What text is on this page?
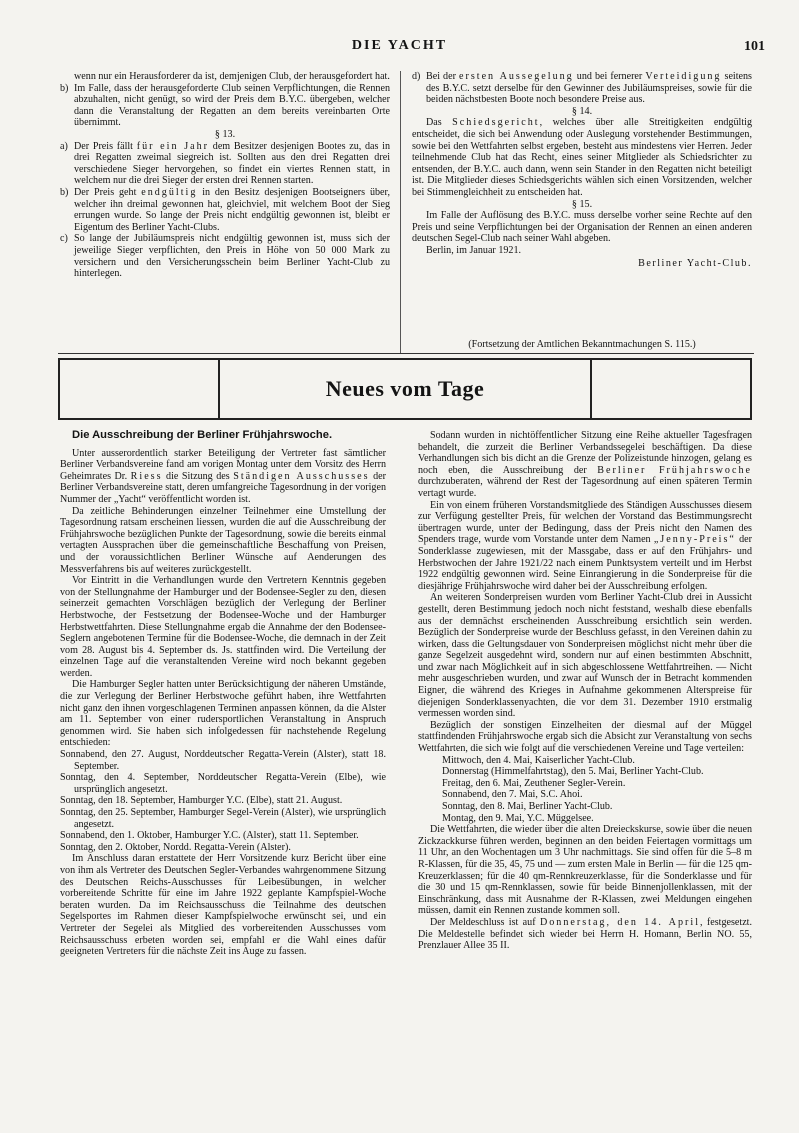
DIE YACHT	101

wenn nur ein Herausforderer da ist, demjenigen Club, der herausgefordert hat.

b) Im Falle, dass der herausgeforderte Club seinen Verpflichtungen, die Rennen abzuhalten, nicht genügt, so wird der Preis dem B.Y.C. übergeben, welcher dann die Veranstaltung der Regatten an dem bereits vereinbarten Orte übernimmt.

§ 13.

a) Der Preis fällt für ein Jahr dem Besitzer desjenigen Bootes zu, das in drei Regatten zweimal siegreich ist. Sollten aus den drei Regatten drei verschiedene Sieger hervorgehen, so findet ein viertes Rennen statt, in welchem nur die drei Sieger der ersten drei Rennen starten.

b) Der Preis geht endgültig in den Besitz desjenigen Bootseigners über, welcher ihn dreimal gewonnen hat, gleichviel, mit welchem Boot der Sieg errungen wurde. So lange der Preis nicht endgültig gewonnen ist, bleibt er Eigentum des Berliner Yacht-Clubs.

c) So lange der Jubiläumspreis nicht endgültig gewonnen ist, muss sich der jeweilige Sieger verpflichten, den Preis in Höhe von 50 000 Mark zu versichern und den Versicherungsschein beim Berliner Yacht-Club zu hinterlegen.

d) Bei der ersten Aussegelung und bei fernerer Verteidigung seitens des B.Y.C. setzt derselbe für den Gewinner des Jubiläumspreises, sowie für die beiden nächstbesten Boote noch besondere Preise aus.

§ 14.

Das Schiedsgericht, welches über alle Streitigkeiten endgültig entscheidet, die sich bei Anwendung oder Auslegung vorstehender Bestimmungen, sowie bei den Wettfahrten selbst ergeben, besteht aus mindestens vier Herren. Jeder teilnehmende Club hat das Recht, eines seiner Mitglieder als Schiedsrichter zu entsenden, der B.Y.C. auch dann, wenn sein Stander in den Regatten nicht beteiligt ist. Die Mitglieder dieses Schiedsgerichts wählen sich einen Vorsitzenden, welcher bei Stimmengleichheit zu entscheiden hat.

§ 15.

Im Falle der Auflösung des B.Y.C. muss derselbe vorher seine Rechte auf den Preis und seine Verpflichtungen bei der Organisation der Rennen an einen anderen deutschen Segel-Club nach seiner Wahl abgeben.

Berlin, im Januar 1921.

Berliner Yacht-Club.
(Fortsetzung der Amtlichen Bekanntmachungen S. 115.)
Neues vom Tage
Die Ausschreibung der Berliner Frühjahrswoche.

Unter ausserordentlich starker Beteiligung der Vertreter fast sämtlicher Berliner Verbandsvereine fand am vorigen Montag unter dem Vorsitz des Herrn Geheimrates Dr. Riess die Sitzung des Ständigen Ausschusses der Berliner Verbandsvereine statt, deren umfangreiche Tagesordnung in der vorigen Nummer der „Yacht“ veröffentlicht worden ist.

Da zeitliche Behinderungen einzelner Teilnehmer eine Umstellung der Tagesordnung ratsam erscheinen liessen, wurden die auf die Ausschreibung der Frühjahrswoche bezüglichen Punkte der Tagesordnung, sowie die bereits einmal vertagten Aussprachen über die gemeinschaftliche Beschaffung von Preisen, und der voraussichtlichen Berliner Wünsche auf Aenderungen des Messverfahrens bis auf weiteres zurückgestellt.

Vor Eintritt in die Verhandlungen wurde den Vertretern Kenntnis gegeben von der Stellungnahme der Hamburger und der Bodensee-Segler zu den, diesen seinerzeit gemachten Vorschlägen bezüglich der Verlegung der Berliner Herbstwoche, der Festsetzung der Bodensee-Woche und der Hamburger Herbstwettfahrten. Diese Stellungnahme ergab die Annahme der den Bodensee-Seglern angebotenen Termine für die Bodensee-Woche, die demnach in der Zeit vom 28. August bis 4. September ds. Js. stattfinden wird. Die Verteilung der einzelnen Tage auf die veranstaltenden Vereine wird noch bekannt gegeben werden.

Die Hamburger Segler hatten unter Berücksichtigung der näheren Umstände, die zur Verlegung der Berliner Herbstwoche geführt haben, ihre Wettfahrten nicht ganz den ihnen vorgeschlagenen Terminen anpassen können, da die Alster am 11. September von einer rudersportlichen Veranstaltung in Anspruch genommen wird. Sie haben sich infolgedessen für nachstehende Regelung entschieden:

Sonnabend, den 27. August, Norddeutscher Regatta-Verein (Alster), statt 18. September.

Sonntag, den 4. September, Norddeutscher Regatta-Verein (Elbe), wie ursprünglich angesetzt.

Sonntag, den 18. September, Hamburger Y.C. (Elbe), statt 21. August.

Sonntag, den 25. September, Hamburger Segel-Verein (Alster), wie ursprünglich angesetzt.

Sonnabend, den 1. Oktober, Hamburger Y.C. (Alster), statt 11. September.

Sonntag, den 2. Oktober, Nordd. Regatta-Verein (Alster).

Im Anschluss daran erstattete der Herr Vorsitzende kurz Bericht über eine von ihm als Vertreter des Deutschen Segler-Verbandes wahrgenommene Sitzung des Deutschen Reichs-Ausschusses für Leibesübungen, in welcher vorbereitende Schritte für eine im Jahre 1922 geplante Kampfspiel-Woche beraten wurden. Da im Reichsausschuss die Teilnahme des deutschen Segelsportes im Rahmen dieser Kampfspielwoche erwünscht sei, und ein Vertreter der Segelei als Mitglied des vorbereitenden Ausschusses vom Reichsausschuss erbeten worden sei, empfahl er die Wahl eines dafür geeigneten Vertreters für die nächste Zeit ins Auge zu fassen.

Sodann wurden in nichtöffentlicher Sitzung eine Reihe aktueller Tagesfragen behandelt, die zurzeit die Berliner Verbandssegelei beschäftigen. Da diese Verhandlungen sich bis dicht an die Grenze der Polizeistunde hinzogen, gelang es noch eben, die Ausschreibung der Berliner Frühjahrswoche durchzuberaten, während der Rest der Tagesordnung auf einen späteren Termin vertagt wurde.

Ein von einem früheren Vorstandsmitgliede des Ständigen Ausschusses diesem zur Verfügung gestellter Preis, für welchen der Vorstand das Bestimmungsrecht übertragen wurde, unter der Bedingung, dass der Preis nicht den Namen des Spenders trage, wurde vom Vorstande unter dem Namen „Jenny-Preis“ der Sonderklasse zugewiesen, mit der Massgabe, dass er auf den Frühjahrs- und Herbstwochen der Jahre 1921/22 nach einem Punktsystem verteilt und im Herbst 1922 endgültig gewonnen wird. Seine Einrangierung in die Sonderpreise für die diesjährige Frühjahrswoche wird daher bei der Ausschreibung erfolgen.

An weiteren Sonderpreisen wurden vom Berliner Yacht-Club drei in Aussicht gestellt, deren Bestimmung jedoch noch nicht feststand, weshalb diese ebenfalls aus der demnächst erscheinenden Ausschreibung ersichtlich sein werden. Bezüglich der Sonderpreise wurde der Beschluss gefasst, in den Vereinen dahin zu wirken, dass die Geltungsdauer von Sonderpreisen möglichst nicht mehr über die ganze Segelzeit ausgedehnt wird, sondern nur auf einen bestimmten Abschnitt, und zwar nach Möglichkeit auf in sich abgeschlossene Wettfahrtreihen. — Nicht mehr ausgeschrieben wurden, und zwar auf Wunsch der in Betracht kommenden Eigner, die während des Krieges in Aufnahme gekommenen Alterspreise für diejenigen Sonderklassenyachten, die vor dem 31. Dezember 1910 erstmalig vermessen worden sind.

Bezüglich der sonstigen Einzelheiten der diesmal auf der Müggel stattfindenden Frühjahrswoche ergab sich die Absicht zur Veranstaltung von sechs Wettfahrten, die sich wie folgt auf die verschiedenen Vereine und Tage verteilen:

Mittwoch, den 4. Mai, Kaiserlicher Yacht-Club.

Donnerstag (Himmelfahrtstag), den 5. Mai, Berliner Yacht-Club.

Freitag, den 6. Mai, Zeuthener Segler-Verein.

Sonnabend, den 7. Mai, S.C. Ahoi.

Sonntag, den 8. Mai, Berliner Yacht-Club.

Montag, den 9. Mai, Y.C. Müggelsee.

Die Wettfahrten, die wieder über die alten Dreieckskurse, sowie über die neuen Zickzackkurse führen werden, beginnen an den beiden Feiertagen vormittags um 11 Uhr, an den Wochentagen um 3 Uhr nachmittags. Sie sind offen für die 5–8 m R-Klassen, für die 35, 45, 75 und — zum ersten Male in Berlin — für die 125 qm-Kreuzerklassen; für die 40 qm-Rennkreuzerklasse, für die Sonderklasse und für die 30 und 15 qm-Rennklassen, sowie für beide Binnenjollenklassen, mit der Einschränkung, dass mit Ausnahme der R-Klassen, zwei Meldungen eingehen müssen, damit ein Rennen zustande kommen soll.

Der Meldeschluss ist auf Donnerstag, den 14. April, festgesetzt. Die Meldestelle befindet sich wieder bei Herrn H. Homann, Berlin NO. 55, Prenzlauer Allee 35 II.
